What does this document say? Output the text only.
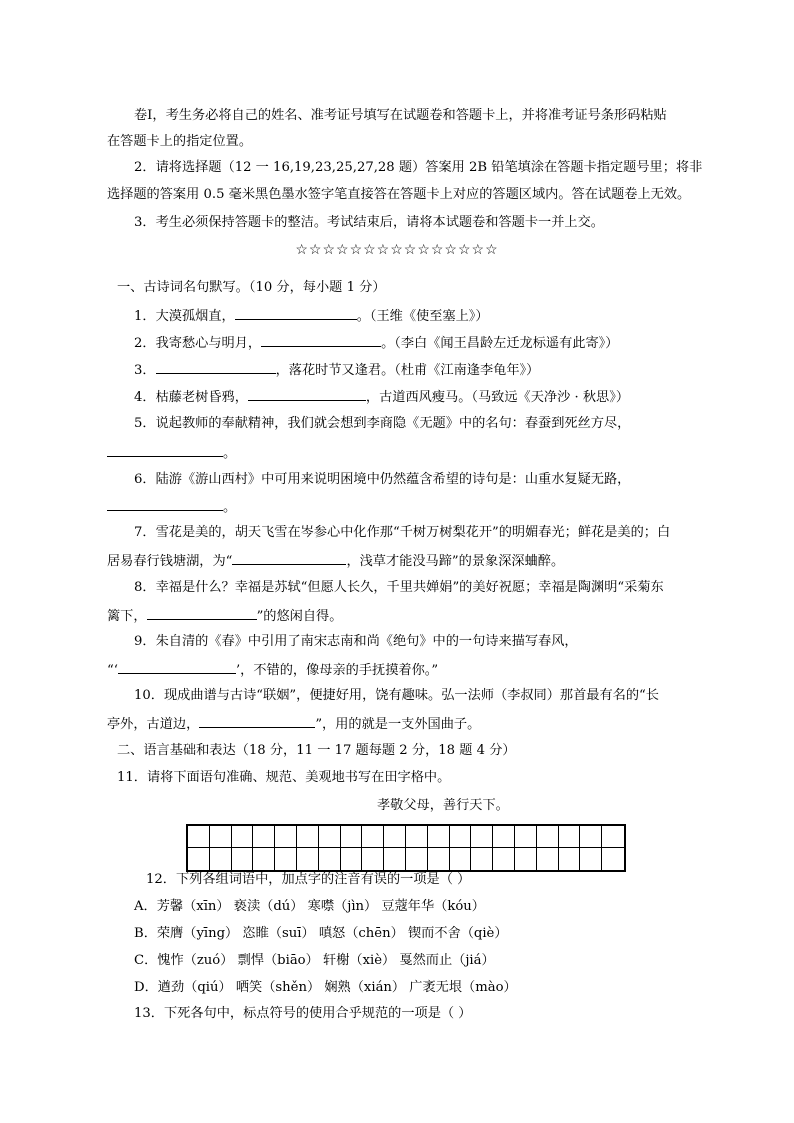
卷Ⅰ，考生务必将自己的姓名、准考证号填写在试题卷和答题卡上，并将准考证号条形码粘贴
在答题卡上的指定位置。
2．请将选择题（12 一 16,19,23,25,27,28 题）答案用 2B 铅笔填涂在答题卡指定题号里；将非
选择题的答案用 0.5 毫米黑色墨水签字笔直接答在答题卡上对应的答题区域内。答在试题卷上无效。
3．考生必须保持答题卡的整洁。考试结束后，请将本试题卷和答题卡一并上交。
☆☆☆☆☆☆☆☆☆☆☆☆☆☆☆
一、古诗词名句默写。（10 分，每小题 1 分）
1．大漠孤烟直，	。（王维《使至塞上》）
2．我寄愁心与明月，	。（李白《闻王昌龄左迁龙标遥有此寄》）
3．	，落花时节又逢君。（杜甫《江南逢李龟年》）
4．枯藤老树昏鸦，	，古道西风瘦马。（马致远《天净沙 · 秋思》）
5．说起教师的奉献精神，我们就会想到李商隐《无题》中的名句：春蚕到死丝方尽，
。
6．陆游《游山西村》中可用来说明困境中仍然蕴含希望的诗句是：山重水复疑无路，
。
7．雪花是美的，胡天飞雪在岑参心中化作那“千树万树梨花开”的明媚春光；鲜花是美的；白
居易春行钱塘湖，为“	，浅草才能没马蹄”的景象深深蛐醉。
8．幸福是什么？幸福是苏轼“但愿人长久，千里共婵娟”的美好祝愿；幸福是陶渊明“采菊东
篱下，	”的悠闲自得。
9．朱自清的《春》中引用了南宋志南和尚《绝句》中的一句诗来描写春风，
“‘	’，不错的，像母亲的手抚摸着你。”
10．现成曲谱与古诗“联姻”，便捷好用，饶有趣味。弘一法师（李叔同）那首最有名的“长
亭外，古道边，	”，用的就是一支外国曲子。
二、语言基础和表达（18 分，11 一 17 题每题 2 分，18 题 4 分）
11．请将下面语句准确、规范、美观地书写在田字格中。
孝敬父母，善行天下。
12．下列各组词语中，加点字的注音有误的一项是（ ）
A．芳馨（xīn） 亵渎（dú） 寒噤（jìn） 豆蔻年华（kóu）
B．荣膺（yīng） 恣睢（suī） 嗔怒（chēn） 锲而不舍（qiè）
C．愧怍（zuó） 剽悍（biāo） 轩榭（xiè） 戛然而止（jiá）
D．遒劲（qiú） 哂笑（shěn） 娴熟（xián） 广袤无垠（mào）
13．下死各句中，标点符号的使用合乎规范的一项是（ ）
